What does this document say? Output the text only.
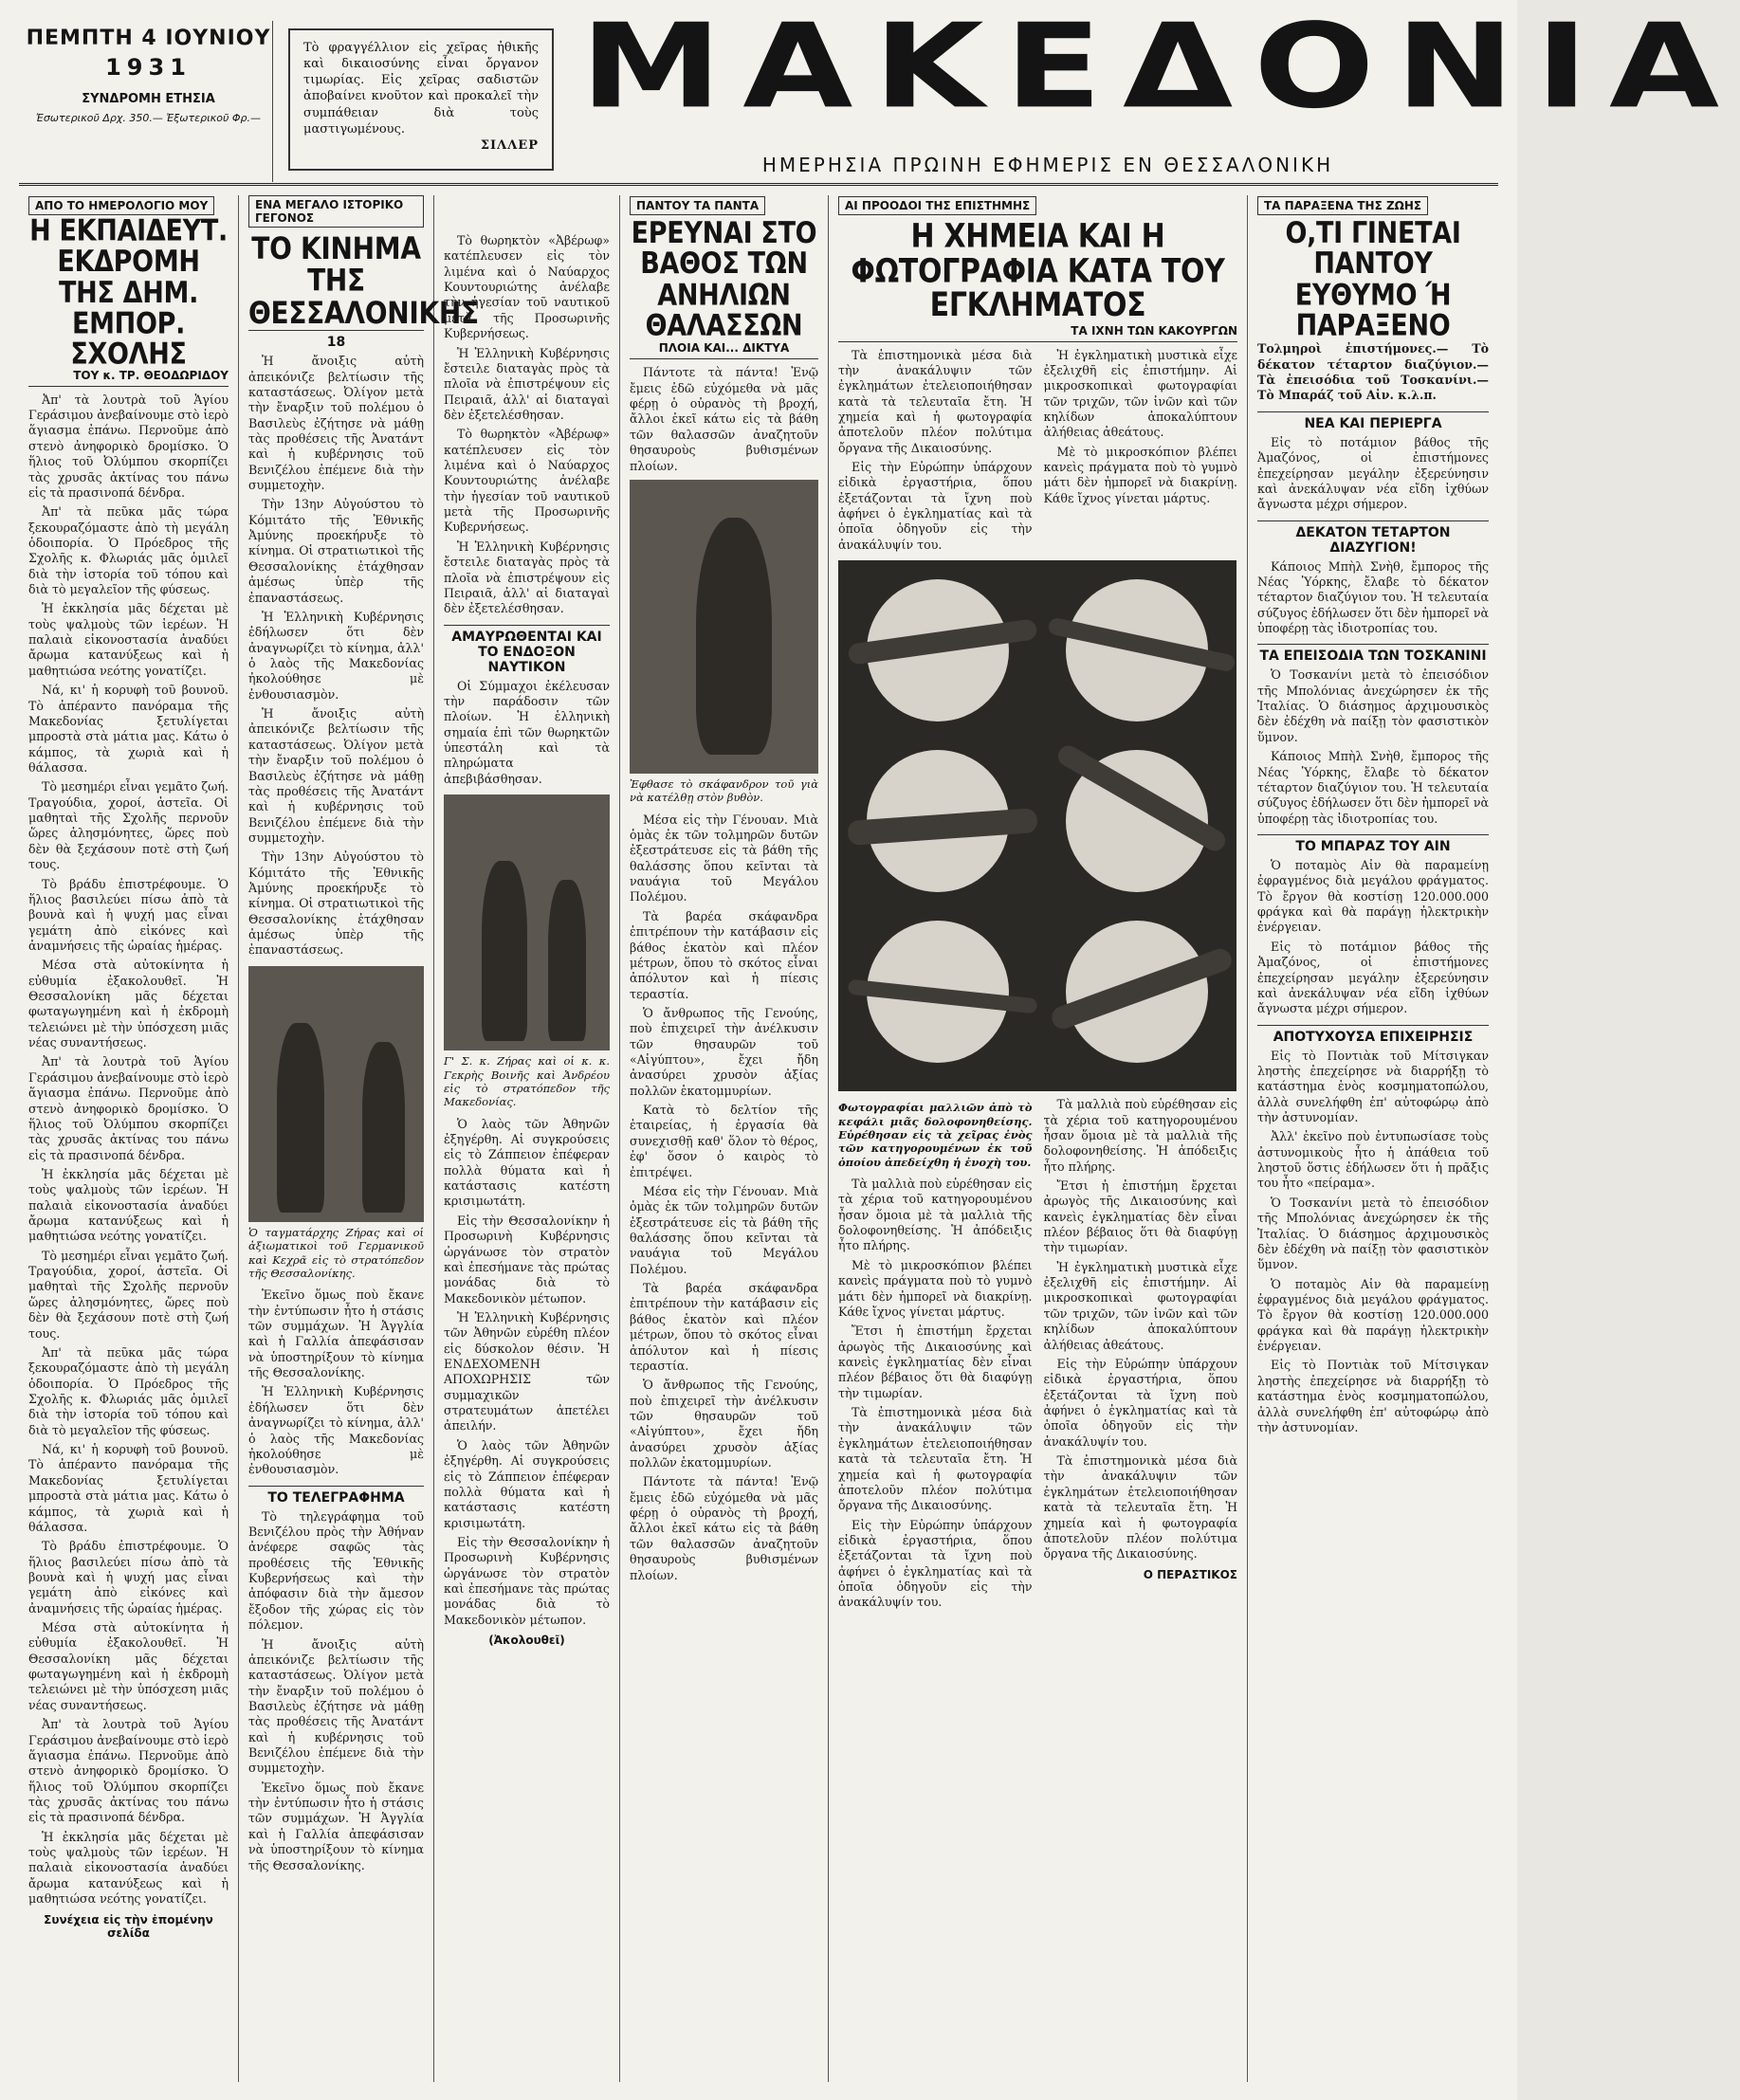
ΠΕΜΠΤΗ 4 ΙΟΥΝΙΟΥ
1931
ΣΥΝΔΡΟΜΗ ΕΤΗΣΙΑ
Ἐσωτερικοῦ Δρχ. 350.— Ἐξωτερικοῦ Φρ.—
Τὸ φραγγέλλιον εἰς χεῖρας ἠθικῆς καὶ δικαιοσύνης εἶναι ὄργανον τιμωρίας. Εἰς χεῖρας σαδιστῶν ἀποβαίνει κνοῦτον καὶ προκαλεῖ τὴν συμπάθειαν διὰ τοὺς μαστιγωμένους.
ΣΙΛΛΕΡ
ΜΑΚΕΔΟΝΙΑ
ΗΜΕΡΗΣΙΑ ΠΡΩΙΝΗ ΕΦΗΜΕΡΙΣ ΕΝ ΘΕΣΣΑΛΟΝΙΚΗ
ΑΠΟ ΤΟ ΗΜΕΡΟΛΟΓΙΟ ΜΟΥ
Η ΕΚΠΑΙΔΕΥΤ. ΕΚΔΡΟΜΗ ΤΗΣ ΔΗΜ. ΕΜΠΟΡ. ΣΧΟΛΗΣ
ΤΟΥ κ. ΤΡ. ΘΕΟΔΩΡΙΔΟΥ

Ἀπ' τὰ λουτρὰ τοῦ Ἁγίου Γεράσιμου ἀνεβαίνουμε στὸ ἱερὸ ἅγιασμα ἐπάνω. Περνοῦμε ἀπὸ στενὸ ἀνηφορικὸ δρομίσκο. Ὁ ἥλιος τοῦ Ὀλύμπου σκορπίζει τὰς χρυσᾶς ἀκτίνας του πάνω εἰς τὰ πρασινοπά δένδρα.

Ἀπ' τὰ πεῦκα μᾶς τώρα ξεκουραζόμαστε ἀπὸ τὴ μεγάλη ὁδοιπορία. Ὁ Πρόεδρος τῆς Σχολῆς κ. Φλωριάς μᾶς ὁμιλεῖ διὰ τὴν ἱστορία τοῦ τόπου καὶ διὰ τὸ μεγαλεῖον τῆς φύσεως.

Ἡ ἐκκλησία μᾶς δέχεται μὲ τοὺς ψαλμοὺς τῶν ἱερέων. Ἡ παλαιὰ εἰκονοστασία ἀναδύει ἄρωμα κατανύξεως καὶ ἡ μαθητιώσα νεότης γονατίζει.

Νά, κι' ἡ κορυφὴ τοῦ βουνοῦ. Τὸ ἀπέραντο πανόραμα τῆς Μακεδονίας ξετυλίγεται μπροστὰ στὰ μάτια μας. Κάτω ὁ κάμπος, τὰ χωριὰ καὶ ἡ θάλασσα.

Τὸ μεσημέρι εἶναι γεμᾶτο ζωή. Τραγούδια, χοροί, ἀστεῖα. Οἱ μαθηταὶ τῆς Σχολῆς περνοῦν ὥρες ἀλησμόνητες, ὥρες ποὺ δὲν θὰ ξεχάσουν ποτὲ στὴ ζωή τους.

Τὸ βράδυ ἐπιστρέφουμε. Ὁ ἥλιος βασιλεύει πίσω ἀπὸ τὰ βουνὰ καὶ ἡ ψυχή μας εἶναι γεμάτη ἀπὸ εἰκόνες καὶ ἀναμνήσεις τῆς ὡραίας ἡμέρας.

Μέσα στὰ αὐτοκίνητα ἡ εὐθυμία ἐξακολουθεῖ. Ἡ Θεσσαλονίκη μᾶς δέχεται φωταγωγημένη καὶ ἡ ἐκδρομὴ τελειώνει μὲ τὴν ὑπόσχεση μιᾶς νέας συναντήσεως.

Ἀπ' τὰ λουτρὰ τοῦ Ἁγίου Γεράσιμου ἀνεβαίνουμε στὸ ἱερὸ ἅγιασμα ἐπάνω. Περνοῦμε ἀπὸ στενὸ ἀνηφορικὸ δρομίσκο. Ὁ ἥλιος τοῦ Ὀλύμπου σκορπίζει τὰς χρυσᾶς ἀκτίνας του πάνω εἰς τὰ πρασινοπά δένδρα.

Ἡ ἐκκλησία μᾶς δέχεται μὲ τοὺς ψαλμοὺς τῶν ἱερέων. Ἡ παλαιὰ εἰκονοστασία ἀναδύει ἄρωμα κατανύξεως καὶ ἡ μαθητιώσα νεότης γονατίζει.

Τὸ μεσημέρι εἶναι γεμᾶτο ζωή. Τραγούδια, χοροί, ἀστεῖα. Οἱ μαθηταὶ τῆς Σχολῆς περνοῦν ὥρες ἀλησμόνητες, ὥρες ποὺ δὲν θὰ ξεχάσουν ποτὲ στὴ ζωή τους.

Ἀπ' τὰ πεῦκα μᾶς τώρα ξεκουραζόμαστε ἀπὸ τὴ μεγάλη ὁδοιπορία. Ὁ Πρόεδρος τῆς Σχολῆς κ. Φλωριάς μᾶς ὁμιλεῖ διὰ τὴν ἱστορία τοῦ τόπου καὶ διὰ τὸ μεγαλεῖον τῆς φύσεως.

Νά, κι' ἡ κορυφὴ τοῦ βουνοῦ. Τὸ ἀπέραντο πανόραμα τῆς Μακεδονίας ξετυλίγεται μπροστὰ στὰ μάτια μας. Κάτω ὁ κάμπος, τὰ χωριὰ καὶ ἡ θάλασσα.

Τὸ βράδυ ἐπιστρέφουμε. Ὁ ἥλιος βασιλεύει πίσω ἀπὸ τὰ βουνὰ καὶ ἡ ψυχή μας εἶναι γεμάτη ἀπὸ εἰκόνες καὶ ἀναμνήσεις τῆς ὡραίας ἡμέρας.

Μέσα στὰ αὐτοκίνητα ἡ εὐθυμία ἐξακολουθεῖ. Ἡ Θεσσαλονίκη μᾶς δέχεται φωταγωγημένη καὶ ἡ ἐκδρομὴ τελειώνει μὲ τὴν ὑπόσχεση μιᾶς νέας συναντήσεως.

Ἀπ' τὰ λουτρὰ τοῦ Ἁγίου Γεράσιμου ἀνεβαίνουμε στὸ ἱερὸ ἅγιασμα ἐπάνω. Περνοῦμε ἀπὸ στενὸ ἀνηφορικὸ δρομίσκο. Ὁ ἥλιος τοῦ Ὀλύμπου σκορπίζει τὰς χρυσᾶς ἀκτίνας του πάνω εἰς τὰ πρασινοπά δένδρα.

Ἡ ἐκκλησία μᾶς δέχεται μὲ τοὺς ψαλμοὺς τῶν ἱερέων. Ἡ παλαιὰ εἰκονοστασία ἀναδύει ἄρωμα κατανύξεως καὶ ἡ μαθητιώσα νεότης γονατίζει.

Συνέχεια εἰς τὴν ἑπομένην σελίδα
ΕΝΑ ΜΕΓΑΛΟ ΙΣΤΟΡΙΚΟ ΓΕΓΟΝΟΣ
ΤΟ ΚΙΝΗΜΑ ΤΗΣ ΘΕΣΣΑΛΟΝΙΚΗΣ
18

Ἡ ἄνοιξις αὐτὴ ἀπεικόνιζε βελτίωσιν τῆς καταστάσεως. Ὀλίγον μετὰ τὴν ἔναρξιν τοῦ πολέμου ὁ Βασιλεὺς ἐζήτησε νὰ μάθῃ τὰς προθέσεις τῆς Ἀνατάντ καὶ ἡ κυβέρνησις τοῦ Βενιζέλου ἐπέμενε διὰ τὴν συμμετοχὴν.

Τὴν 13ην Αὐγούστου τὸ Κόμιτάτο τῆς Ἐθνικῆς Ἀμύνης προεκήρυξε τὸ κίνημα. Οἱ στρατιωτικοὶ τῆς Θεσσαλονίκης ἐτάχθησαν ἀμέσως ὑπὲρ τῆς ἐπαναστάσεως.

Ἡ Ἑλληνικὴ Κυβέρνησις ἐδήλωσεν ὅτι δὲν ἀναγνωρίζει τὸ κίνημα, ἀλλ' ὁ λαὸς τῆς Μακεδονίας ἠκολούθησε μὲ ἐνθουσιασμὸν.

Ἡ ἄνοιξις αὐτὴ ἀπεικόνιζε βελτίωσιν τῆς καταστάσεως. Ὀλίγον μετὰ τὴν ἔναρξιν τοῦ πολέμου ὁ Βασιλεὺς ἐζήτησε νὰ μάθῃ τὰς προθέσεις τῆς Ἀνατάντ καὶ ἡ κυβέρνησις τοῦ Βενιζέλου ἐπέμενε διὰ τὴν συμμετοχὴν.

Τὴν 13ην Αὐγούστου τὸ Κόμιτάτο τῆς Ἐθνικῆς Ἀμύνης προεκήρυξε τὸ κίνημα. Οἱ στρατιωτικοὶ τῆς Θεσσαλονίκης ἐτάχθησαν ἀμέσως ὑπὲρ τῆς ἐπαναστάσεως.

Ὁ ταγματάρχης Ζήρας καὶ οἱ ἀξιωματικοὶ τοῦ Γερμανικοῦ καὶ Κεχρᾶ εἰς τὸ στρατόπεδον τῆς Θεσσαλονίκης.

Ἐκεῖνο ὅμως ποὺ ἔκανε τὴν ἐντύπωσιν ἦτο ἡ στάσις τῶν συμμάχων. Ἡ Ἀγγλία καὶ ἡ Γαλλία ἀπεφάσισαν νὰ ὑποστηρίξουν τὸ κίνημα τῆς Θεσσαλονίκης.

Ἡ Ἑλληνικὴ Κυβέρνησις ἐδήλωσεν ὅτι δὲν ἀναγνωρίζει τὸ κίνημα, ἀλλ' ὁ λαὸς τῆς Μακεδονίας ἠκολούθησε μὲ ἐνθουσιασμὸν.

ΤΟ ΤΕΛΕΓΡΑΦΗΜΑ

Τὸ τηλεγράφημα τοῦ Βενιζέλου πρὸς τὴν Ἀθήναν ἀνέφερε σαφῶς τὰς προθέσεις τῆς Ἐθνικῆς Κυβερνήσεως καὶ τὴν ἀπόφασιν διὰ τὴν ἄμεσον ἔξοδον τῆς χώρας εἰς τὸν πόλεμον.

Ἡ ἄνοιξις αὐτὴ ἀπεικόνιζε βελτίωσιν τῆς καταστάσεως. Ὀλίγον μετὰ τὴν ἔναρξιν τοῦ πολέμου ὁ Βασιλεὺς ἐζήτησε νὰ μάθῃ τὰς προθέσεις τῆς Ἀνατάντ καὶ ἡ κυβέρνησις τοῦ Βενιζέλου ἐπέμενε διὰ τὴν συμμετοχὴν.

Ἐκεῖνο ὅμως ποὺ ἔκανε τὴν ἐντύπωσιν ἦτο ἡ στάσις τῶν συμμάχων. Ἡ Ἀγγλία καὶ ἡ Γαλλία ἀπεφάσισαν νὰ ὑποστηρίξουν τὸ κίνημα τῆς Θεσσαλονίκης.

Τὸ θωρηκτὸν «Ἀβέρωφ» κατέπλευσεν εἰς τὸν λιμένα καὶ ὁ Ναύαρχος Κουντουριώτης ἀνέλαβε τὴν ἡγεσίαν τοῦ ναυτικοῦ μετὰ τῆς Προσωρινῆς Κυβερνήσεως.

Ἡ Ἑλληνικὴ Κυβέρνησις ἔστειλε διαταγὰς πρὸς τὰ πλοῖα νὰ ἐπιστρέψουν εἰς Πειραιᾶ, ἀλλ' αἱ διαταγαὶ δὲν ἐξετελέσθησαν.

Τὸ θωρηκτὸν «Ἀβέρωφ» κατέπλευσεν εἰς τὸν λιμένα καὶ ὁ Ναύαρχος Κουντουριώτης ἀνέλαβε τὴν ἡγεσίαν τοῦ ναυτικοῦ μετὰ τῆς Προσωρινῆς Κυβερνήσεως.

Ἡ Ἑλληνικὴ Κυβέρνησις ἔστειλε διαταγὰς πρὸς τὰ πλοῖα νὰ ἐπιστρέψουν εἰς Πειραιᾶ, ἀλλ' αἱ διαταγαὶ δὲν ἐξετελέσθησαν.

ΑΜΑΥΡΩΘΕΝΤΑΙ ΚΑΙ ΤΟ ΕΝΔΟΞΟΝ ΝΑΥΤΙΚΟΝ

Οἱ Σύμμαχοι ἐκέλευσαν τὴν παράδοσιν τῶν πλοίων. Ἡ ἑλληνικὴ σημαία ἐπὶ τῶν θωρηκτῶν ὑπεστάλη καὶ τὰ πληρώματα ἀπεβιβάσθησαν.

Γ' Σ. κ. Ζήρας καὶ οἱ κ. κ. Γεκρὴς Βοινῆς καὶ Ἀνδρέου εἰς τὸ στρατόπεδον τῆς Μακεδονίας.

Ὁ λαὸς τῶν Ἀθηνῶν ἐξηγέρθη. Αἱ συγκρούσεις εἰς τὸ Ζάππειον ἐπέφεραν πολλὰ θύματα καὶ ἡ κατάστασις κατέστη κρισιμωτάτη.

Εἰς τὴν Θεσσαλονίκην ἡ Προσωρινὴ Κυβέρνησις ὠργάνωσε τὸν στρατὸν καὶ ἐπεσήμανε τὰς πρώτας μονάδας διὰ τὸ Μακεδονικὸν μέτωπον.

Ἡ Ἑλληνικὴ Κυβέρνησις τῶν Ἀθηνῶν εὑρέθη πλέον εἰς δύσκολον θέσιν. Ἡ ΕΝΔΕΧΟΜΕΝΗ ΑΠΟΧΩΡΗΣΙΣ τῶν συμμαχικῶν στρατευμάτων ἀπετέλει ἀπειλήν.

Ὁ λαὸς τῶν Ἀθηνῶν ἐξηγέρθη. Αἱ συγκρούσεις εἰς τὸ Ζάππειον ἐπέφεραν πολλὰ θύματα καὶ ἡ κατάστασις κατέστη κρισιμωτάτη.

Εἰς τὴν Θεσσαλονίκην ἡ Προσωρινὴ Κυβέρνησις ὠργάνωσε τὸν στρατὸν καὶ ἐπεσήμανε τὰς πρώτας μονάδας διὰ τὸ Μακεδονικὸν μέτωπον.

(Ἀκολουθεῖ)
ΠΑΝΤΟΥ ΤΑ ΠΑΝΤΑ
ΕΡΕΥΝΑΙ ΣΤΟ ΒΑΘΟΣ ΤΩΝ ΑΝΗΛΙΩΝ ΘΑΛΑΣΣΩΝ
ΠΛΟΙΑ ΚΑΙ... ΔΙΚΤΥΑ

Πάντοτε τὰ πάντα! Ἐνῷ ἔμεις ἐδῶ εὐχόμεθα νὰ μᾶς φέρῃ ὁ οὐρανὸς τὴ βροχή, ἄλλοι ἐκεῖ κάτω εἰς τὰ βάθη τῶν θαλασσῶν ἀναζητοῦν θησαυροὺς βυθισμένων πλοίων.

Ἐφθασε τὸ σκάφανδρον τοῦ γιὰ νὰ κατέλθῃ στὸν βυθὸν.

Μέσα εἰς τὴν Γένουαν. Μιὰ ὁμὰς ἐκ τῶν τολμηρῶν δυτῶν ἐξεστράτευσε εἰς τὰ βάθη τῆς θαλάσσης ὅπου κεῖνται τὰ ναυάγια τοῦ Μεγάλου Πολέμου.

Τὰ βαρέα σκάφανδρα ἐπιτρέπουν τὴν κατάβασιν εἰς βάθος ἑκατὸν καὶ πλέον μέτρων, ὅπου τὸ σκότος εἶναι ἀπόλυτον καὶ ἡ πίεσις τεραστία.

Ὁ ἄνθρωπος τῆς Γενούης, ποὺ ἐπιχειρεῖ τὴν ἀνέλκυσιν τῶν θησαυρῶν τοῦ «Αἰγύπτου», ἔχει ἤδη ἀνασύρει χρυσὸν ἀξίας πολλῶν ἑκατομμυρίων.

Κατὰ τὸ δελτίον τῆς ἐταιρείας, ἡ ἐργασία θὰ συνεχισθῇ καθ' ὅλον τὸ θέρος, ἐφ' ὅσον ὁ καιρὸς τὸ ἐπιτρέψει.

Μέσα εἰς τὴν Γένουαν. Μιὰ ὁμὰς ἐκ τῶν τολμηρῶν δυτῶν ἐξεστράτευσε εἰς τὰ βάθη τῆς θαλάσσης ὅπου κεῖνται τὰ ναυάγια τοῦ Μεγάλου Πολέμου.

Τὰ βαρέα σκάφανδρα ἐπιτρέπουν τὴν κατάβασιν εἰς βάθος ἑκατὸν καὶ πλέον μέτρων, ὅπου τὸ σκότος εἶναι ἀπόλυτον καὶ ἡ πίεσις τεραστία.

Ὁ ἄνθρωπος τῆς Γενούης, ποὺ ἐπιχειρεῖ τὴν ἀνέλκυσιν τῶν θησαυρῶν τοῦ «Αἰγύπτου», ἔχει ἤδη ἀνασύρει χρυσὸν ἀξίας πολλῶν ἑκατομμυρίων.

Πάντοτε τὰ πάντα! Ἐνῷ ἔμεις ἐδῶ εὐχόμεθα νὰ μᾶς φέρῃ ὁ οὐρανὸς τὴ βροχή, ἄλλοι ἐκεῖ κάτω εἰς τὰ βάθη τῶν θαλασσῶν ἀναζητοῦν θησαυροὺς βυθισμένων πλοίων.

ΑΙ ΠΡΟΟΔΟΙ ΤΗΣ ΕΠΙΣΤΗΜΗΣ
Η ΧΗΜΕΙΑ ΚΑΙ Η ΦΩΤΟΓΡΑΦΙΑ ΚΑΤΑ ΤΟΥ ΕΓΚΛΗΜΑΤΟΣ
ΤΑ ΙΧΝΗ ΤΩΝ ΚΑΚΟΥΡΓΩΝ

Τὰ ἐπιστημονικὰ μέσα διὰ τὴν ἀνακάλυψιν τῶν ἐγκλημάτων ἐτελειοποιήθησαν κατὰ τὰ τελευταῖα ἔτη. Ἡ χημεία καὶ ἡ φωτογραφία ἀποτελοῦν πλέον πολύτιμα ὄργανα τῆς Δικαιοσύνης.

Εἰς τὴν Εὐρώπην ὑπάρχουν εἰδικὰ ἐργαστήρια, ὅπου ἐξετάζονται τὰ ἴχνη ποὺ ἀφήνει ὁ ἐγκληματίας καὶ τὰ ὁποῖα ὁδηγοῦν εἰς τὴν ἀνακάλυψίν του.

Ἡ ἐγκληματικὴ μυστικὰ εἶχε ἐξελιχθῆ εἰς ἐπιστήμην. Αἱ μικροσκοπικαὶ φωτογραφίαι τῶν τριχῶν, τῶν ἰνῶν καὶ τῶν κηλίδων ἀποκαλύπτουν ἀλήθειας ἀθεάτους.

Μὲ τὸ μικροσκόπιον βλέπει κανεὶς πράγματα ποὺ τὸ γυμνὸ μάτι δὲν ἠμπορεῖ νὰ διακρίνῃ. Κάθε ἴχνος γίνεται μάρτυς.

Φωτογραφίαι μαλλιῶν ἀπὸ τὸ κεφάλι μιᾶς δολοφονηθείσης. Εὑρέθησαν εἰς τὰ χεῖρας ἑνὸς τῶν κατηγορουμένων ἐκ τοῦ ὁποίου ἀπεδείχθη ἡ ἐνοχὴ του.

Τὰ μαλλιὰ ποὺ εὑρέθησαν εἰς τὰ χέρια τοῦ κατηγορουμένου ἦσαν ὅμοια μὲ τὰ μαλλιὰ τῆς δολοφονηθείσης. Ἡ ἀπόδειξις ἦτο πλήρης.

Μὲ τὸ μικροσκόπιον βλέπει κανεὶς πράγματα ποὺ τὸ γυμνὸ μάτι δὲν ἠμπορεῖ νὰ διακρίνῃ. Κάθε ἴχνος γίνεται μάρτυς.

Ἔτσι ἡ ἐπιστήμη ἔρχεται ἀρωγὸς τῆς Δικαιοσύνης καὶ κανεὶς ἐγκληματίας δὲν εἶναι πλέον βέβαιος ὅτι θὰ διαφύγῃ τὴν τιμωρίαν.

Τὰ ἐπιστημονικὰ μέσα διὰ τὴν ἀνακάλυψιν τῶν ἐγκλημάτων ἐτελειοποιήθησαν κατὰ τὰ τελευταῖα ἔτη. Ἡ χημεία καὶ ἡ φωτογραφία ἀποτελοῦν πλέον πολύτιμα ὄργανα τῆς Δικαιοσύνης.

Εἰς τὴν Εὐρώπην ὑπάρχουν εἰδικὰ ἐργαστήρια, ὅπου ἐξετάζονται τὰ ἴχνη ποὺ ἀφήνει ὁ ἐγκληματίας καὶ τὰ ὁποῖα ὁδηγοῦν εἰς τὴν ἀνακάλυψίν του.

Τὰ μαλλιὰ ποὺ εὑρέθησαν εἰς τὰ χέρια τοῦ κατηγορουμένου ἦσαν ὅμοια μὲ τὰ μαλλιὰ τῆς δολοφονηθείσης. Ἡ ἀπόδειξις ἦτο πλήρης.

Ἔτσι ἡ ἐπιστήμη ἔρχεται ἀρωγὸς τῆς Δικαιοσύνης καὶ κανεὶς ἐγκληματίας δὲν εἶναι πλέον βέβαιος ὅτι θὰ διαφύγῃ τὴν τιμωρίαν.

Ἡ ἐγκληματικὴ μυστικὰ εἶχε ἐξελιχθῆ εἰς ἐπιστήμην. Αἱ μικροσκοπικαὶ φωτογραφίαι τῶν τριχῶν, τῶν ἰνῶν καὶ τῶν κηλίδων ἀποκαλύπτουν ἀλήθειας ἀθεάτους.

Εἰς τὴν Εὐρώπην ὑπάρχουν εἰδικὰ ἐργαστήρια, ὅπου ἐξετάζονται τὰ ἴχνη ποὺ ἀφήνει ὁ ἐγκληματίας καὶ τὰ ὁποῖα ὁδηγοῦν εἰς τὴν ἀνακάλυψίν του.

Τὰ ἐπιστημονικὰ μέσα διὰ τὴν ἀνακάλυψιν τῶν ἐγκλημάτων ἐτελειοποιήθησαν κατὰ τὰ τελευταῖα ἔτη. Ἡ χημεία καὶ ἡ φωτογραφία ἀποτελοῦν πλέον πολύτιμα ὄργανα τῆς Δικαιοσύνης.

Ο ΠΕΡΑΣΤΙΚΟΣ
ΤΑ ΠΑΡΑΞΕΝΑ ΤΗΣ ΖΩΗΣ
Ο,ΤΙ ΓΙΝΕΤΑΙ ΠΑΝΤΟΥ ΕΥΘΥΜΟ Ή ΠΑΡΑΞΕΝΟ

Τολμηροὶ ἐπιστήμονες.— Τὸ δέκατον τέταρτον διαζύγιον.— Τὰ ἐπεισόδια τοῦ Τοσκανίνι.— Τὸ Μπαράζ τοῦ Αἰν. κ.λ.π.

ΝΕΑ ΚΑΙ ΠΕΡΙΕΡΓΑ

Εἰς τὸ ποτάμιον βάθος τῆς Ἀμαζόνος, οἱ ἐπιστήμονες ἐπεχείρησαν μεγάλην ἐξερεύνησιν καὶ ἀνεκάλυψαν νέα εἴδη ἰχθύων ἄγνωστα μέχρι σήμερον.

ΔΕΚΑΤΟΝ ΤΕΤΑΡΤΟΝ ΔΙΑΖΥΓΙΟΝ!

Κάποιος Μπὴλ Σνὴθ, ἔμπορος τῆς Νέας Ὑόρκης, ἔλαβε τὸ δέκατον τέταρτον διαζύγιον του. Ἡ τελευταία σύζυγος ἐδήλωσεν ὅτι δὲν ἠμπορεῖ νὰ ὑποφέρῃ τὰς ἰδιοτροπίας του.

ΤΑ ΕΠΕΙΣΟΔΙΑ ΤΩΝ ΤΟΣΚΑΝΙΝΙ

Ὁ Τοσκανίνι μετὰ τὸ ἐπεισόδιον τῆς Μπολόνιας ἀνεχώρησεν ἐκ τῆς Ἰταλίας. Ὁ διάσημος ἀρχιμουσικὸς δὲν ἐδέχθη νὰ παίξῃ τὸν φασιστικὸν ὕμνον.

Κάποιος Μπὴλ Σνὴθ, ἔμπορος τῆς Νέας Ὑόρκης, ἔλαβε τὸ δέκατον τέταρτον διαζύγιον του. Ἡ τελευταία σύζυγος ἐδήλωσεν ὅτι δὲν ἠμπορεῖ νὰ ὑποφέρῃ τὰς ἰδιοτροπίας του.

ΤΟ ΜΠΑΡΑΖ ΤΟΥ ΑΙΝ

Ὁ ποταμὸς Αἰν θὰ παραμείνῃ ἐφραγμένος διὰ μεγάλου φράγματος. Τὸ ἔργον θὰ κοστίσῃ 120.000.000 φράγκα καὶ θὰ παράγῃ ἠλεκτρικὴν ἐνέργειαν.

Εἰς τὸ ποτάμιον βάθος τῆς Ἀμαζόνος, οἱ ἐπιστήμονες ἐπεχείρησαν μεγάλην ἐξερεύνησιν καὶ ἀνεκάλυψαν νέα εἴδη ἰχθύων ἄγνωστα μέχρι σήμερον.

ΑΠΟΤΥΧΟΥΣΑ ΕΠΙΧΕΙΡΗΣΙΣ

Εἰς τὸ Ποντιὰκ τοῦ Μίτσιγκαν ληστὴς ἐπεχείρησε νὰ διαρρήξῃ τὸ κατάστημα ἑνὸς κοσμηματοπώλου, ἀλλὰ συνελήφθη ἐπ' αὐτοφώρῳ ἀπὸ τὴν ἀστυνομίαν.

Ἀλλ' ἐκεῖνο ποὺ ἐντυπωσίασε τοὺς ἀστυνομικοὺς ἦτο ἡ ἀπάθεια τοῦ ληστοῦ ὅστις ἐδήλωσεν ὅτι ἡ πρᾶξις του ἦτο «πείραμα».

Ὁ Τοσκανίνι μετὰ τὸ ἐπεισόδιον τῆς Μπολόνιας ἀνεχώρησεν ἐκ τῆς Ἰταλίας. Ὁ διάσημος ἀρχιμουσικὸς δὲν ἐδέχθη νὰ παίξῃ τὸν φασιστικὸν ὕμνον.

Ὁ ποταμὸς Αἰν θὰ παραμείνῃ ἐφραγμένος διὰ μεγάλου φράγματος. Τὸ ἔργον θὰ κοστίσῃ 120.000.000 φράγκα καὶ θὰ παράγῃ ἠλεκτρικὴν ἐνέργειαν.

Εἰς τὸ Ποντιὰκ τοῦ Μίτσιγκαν ληστὴς ἐπεχείρησε νὰ διαρρήξῃ τὸ κατάστημα ἑνὸς κοσμηματοπώλου, ἀλλὰ συνελήφθη ἐπ' αὐτοφώρῳ ἀπὸ τὴν ἀστυνομίαν.
